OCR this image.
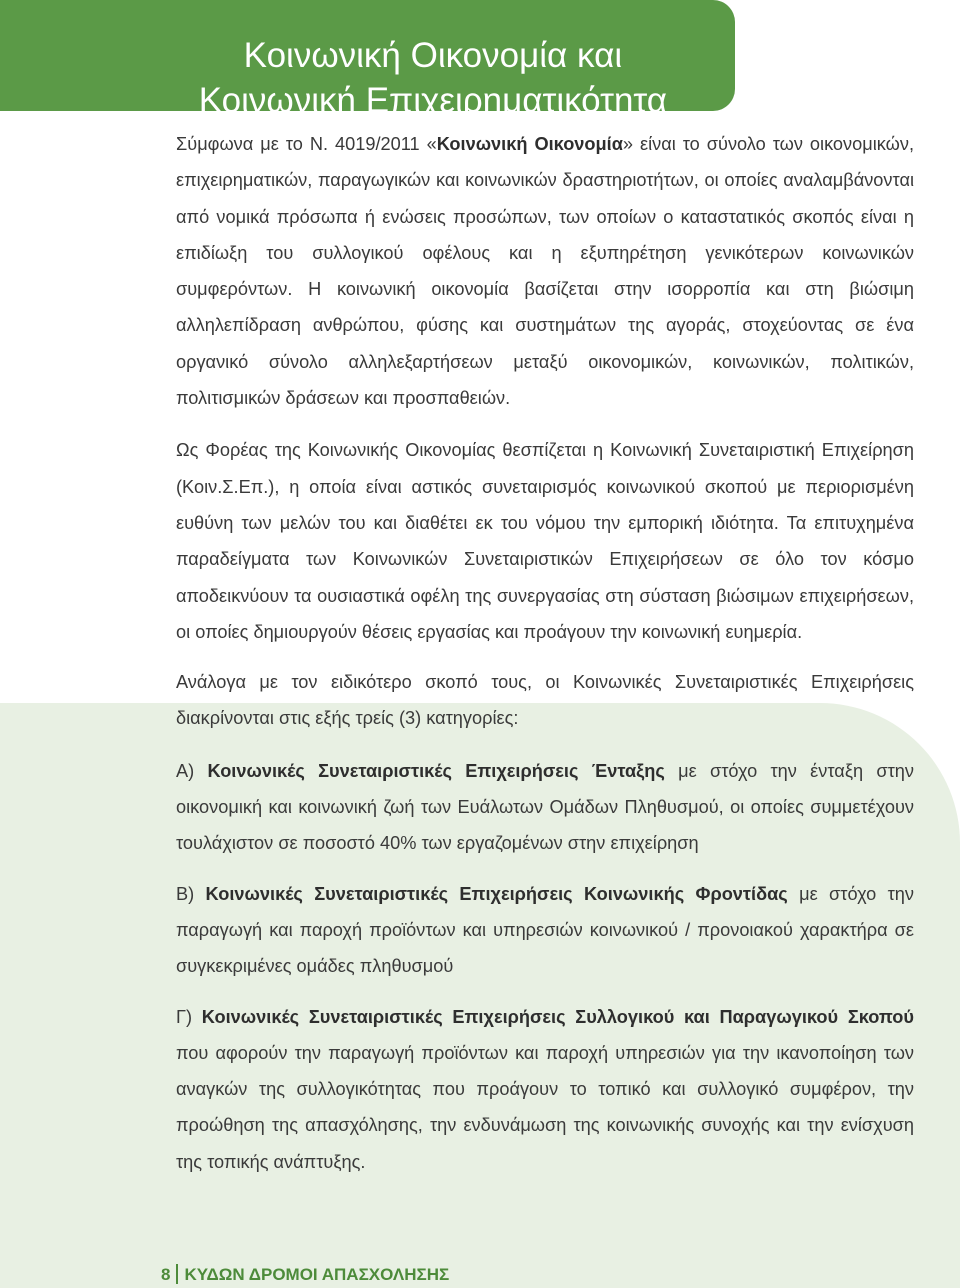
Κοινωνική Οικονομία και
Κοινωνική Επιχειρηματικότητα

Σύμφωνα με το Ν. 4019/2011 «Κοινωνική Οικονομία» είναι το σύνολο των οικονομικών, επιχειρηματικών, παραγωγικών και κοινωνικών δραστηριοτήτων, οι οποίες αναλαμβάνονται από νομικά πρόσωπα ή ενώσεις προσώπων, των οποίων ο καταστατικός σκοπός είναι η επιδίωξη του συλλογικού οφέλους και η εξυπηρέτηση γενικότερων κοινωνικών συμφερόντων. Η κοινωνική οικονομία βασίζεται στην ισορροπία και στη βιώσιμη αλληλεπίδραση ανθρώπου, φύσης και συστημάτων της αγοράς, στοχεύοντας σε ένα οργανικό σύνολο αλληλεξαρτήσεων μεταξύ οικονομικών, κοινωνικών, πολιτικών, πολιτισμικών δράσεων και προσπαθειών.

Ως Φορέας της Κοινωνικής Οικονομίας θεσπίζεται η Κοινωνική Συνεταιριστική Επιχείρηση (Κοιν.Σ.Επ.), η οποία είναι αστικός συνεταιρισμός κοινωνικού σκοπού με περιορισμένη ευθύνη των μελών του και διαθέτει εκ του νόμου την εμπορική ιδιότητα. Τα επιτυχημένα παραδείγματα των Κοινωνικών Συνεταιριστικών Επιχειρήσεων σε όλο τον κόσμο αποδεικνύουν τα ουσιαστικά οφέλη της συνεργασίας στη σύσταση βιώσιμων επιχειρήσεων, οι οποίες δημιουργούν θέσεις εργασίας και προάγουν την κοινωνική ευημερία.

Ανάλογα με τον ειδικότερο σκοπό τους, οι Κοινωνικές Συνεταιριστικές Επιχειρήσεις διακρίνονται στις εξής τρείς (3) κατηγορίες:

Α) Κοινωνικές Συνεταιριστικές Επιχειρήσεις Ένταξης με στόχο την ένταξη στην οικονομική και κοινωνική ζωή των Ευάλωτων Ομάδων Πληθυσμού, οι οποίες συμμετέχουν τουλάχιστον σε ποσοστό 40% των εργαζομένων στην επιχείρηση

Β) Κοινωνικές Συνεταιριστικές Επιχειρήσεις Κοινωνικής Φροντίδας με στόχο την παραγωγή και παροχή προϊόντων και υπηρεσιών κοινωνικού / προνοιακού χαρακτήρα σε συγκεκριμένες ομάδες πληθυσμού

Γ) Κοινωνικές Συνεταιριστικές Επιχειρήσεις Συλλογικού και Παραγωγικού Σκοπού που αφορούν την παραγωγή προϊόντων και παροχή υπηρεσιών για την ικανοποίηση των αναγκών της συλλογικότητας που προάγουν το τοπικό και συλλογικό συμφέρον, την προώθηση της απασχόλησης, την ενδυνάμωση της κοινωνικής συνοχής και την ενίσχυση της τοπικής ανάπτυξης.

8 ΚΥΔΩΝ ΔΡΟΜΟΙ ΑΠΑΣΧΟΛΗΣΗΣ
